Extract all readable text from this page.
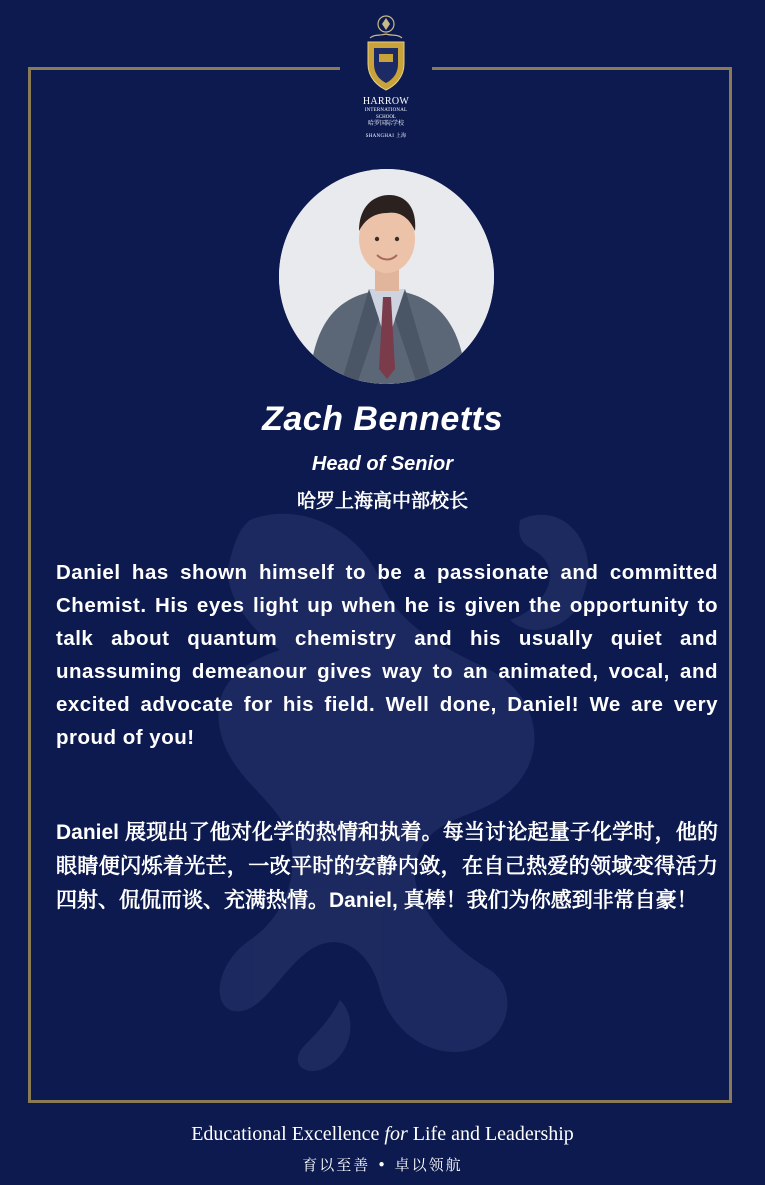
HARROW
INTERNATIONAL
SCHOOL
哈罗国际学校
SHANGHAI 上海
Zach Bennetts
Head of Senior
哈罗上海高中部校长
Daniel has shown himself to be a passionate and committed Chemist. His eyes light up when he is given the opportunity to talk about quantum chemistry and his usually quiet and unassuming demeanour gives way to an animated, vocal, and excited advocate for his field. Well done, Daniel! We are very proud of you!
Daniel 展现出了他对化学的热情和执着。每当讨论起量子化学时，他的眼睛便闪烁着光芒，一改平时的安静内敛，在自己热爱的领域变得活力四射、侃侃而谈、充满热情。Daniel, 真棒！我们为你感到非常自豪！
Educational Excellence for Life and Leadership
育以至善 • 卓以领航
